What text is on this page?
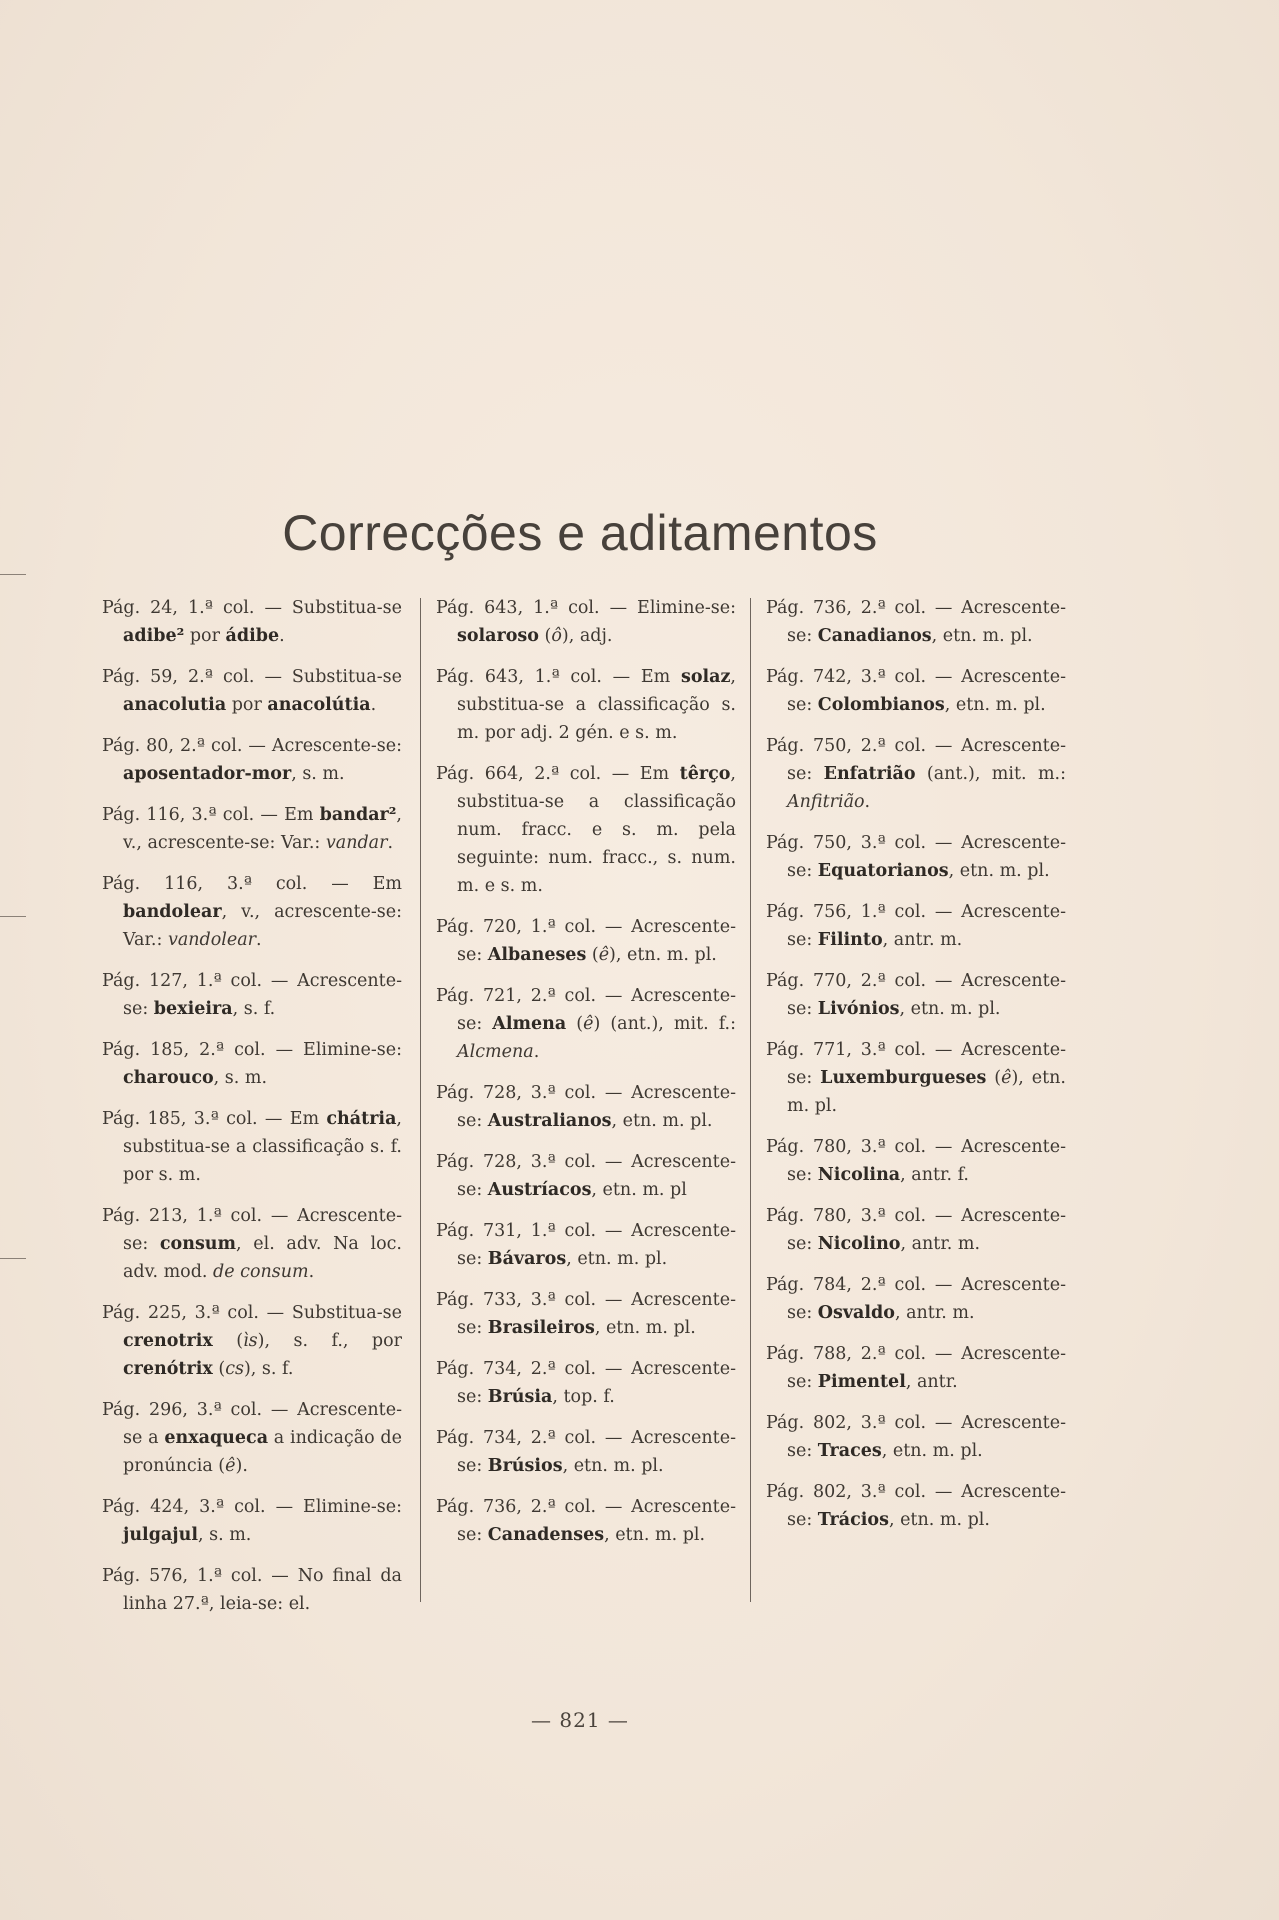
Correcções e aditamentos

Pág. 24, 1.ª col. — Substitua-se adibe² por ádibe.

Pág. 59, 2.ª col. — Substitua-se anacolutia por anacolútia.

Pág. 80, 2.ª col. — Acrescente-se: aposentador-mor, s. m.

Pág. 116, 3.ª col. — Em bandar², v., acrescente-se: Var.: vandar.

Pág. 116, 3.ª col. — Em bandolear, v., acrescente-se: Var.: vandolear.

Pág. 127, 1.ª col. — Acrescente-se: bexieira, s. f.

Pág. 185, 2.ª col. — Elimine-se: charouco, s. m.

Pág. 185, 3.ª col. — Em chátria, substitua-se a classificação s. f. por s. m.

Pág. 213, 1.ª col. — Acrescente-se: consum, el. adv. Na loc. adv. mod. de consum.

Pág. 225, 3.ª col. — Substitua-se crenotrix (ìs), s. f., por crenótrix (cs), s. f.

Pág. 296, 3.ª col. — Acrescente-se a enxaqueca a indicação de pronúncia (ê).

Pág. 424, 3.ª col. — Elimine-se: julgajul, s. m.

Pág. 576, 1.ª col. — No final da linha 27.ª, leia-se: el.

Pág. 643, 1.ª col. — Elimine-se: solaroso (ô), adj.

Pág. 643, 1.ª col. — Em solaz, substitua-se a classificação s. m. por adj. 2 gén. e s. m.

Pág. 664, 2.ª col. — Em têrço, substitua-se a classificação num. fracc. e s. m. pela seguinte: num. fracc., s. num. m. e s. m.

Pág. 720, 1.ª col. — Acrescente-se: Albaneses (ê), etn. m. pl.

Pág. 721, 2.ª col. — Acrescente-se: Almena (ê) (ant.), mit. f.: Alcmena.

Pág. 728, 3.ª col. — Acrescente-se: Australianos, etn. m. pl.

Pág. 728, 3.ª col. — Acrescente-se: Austríacos, etn. m. pl

Pág. 731, 1.ª col. — Acrescente-se: Bávaros, etn. m. pl.

Pág. 733, 3.ª col. — Acrescente-se: Brasileiros, etn. m. pl.

Pág. 734, 2.ª col. — Acrescente-se: Brúsia, top. f.

Pág. 734, 2.ª col. — Acrescente-se: Brúsios, etn. m. pl.

Pág. 736, 2.ª col. — Acrescente-se: Canadenses, etn. m. pl.

Pág. 736, 2.ª col. — Acrescente-se: Canadianos, etn. m. pl.

Pág. 742, 3.ª col. — Acrescente-se: Colombianos, etn. m. pl.

Pág. 750, 2.ª col. — Acrescente-se: Enfatrião (ant.), mit. m.: Anfitrião.

Pág. 750, 3.ª col. — Acrescente-se: Equatorianos, etn. m. pl.

Pág. 756, 1.ª col. — Acrescente-se: Filinto, antr. m.

Pág. 770, 2.ª col. — Acrescente-se: Livónios, etn. m. pl.

Pág. 771, 3.ª col. — Acrescente-se: Luxemburgueses (ê), etn. m. pl.

Pág. 780, 3.ª col. — Acrescente-se: Nicolina, antr. f.

Pág. 780, 3.ª col. — Acrescente-se: Nicolino, antr. m.

Pág. 784, 2.ª col. — Acrescente-se: Osvaldo, antr. m.

Pág. 788, 2.ª col. — Acrescente-se: Pimentel, antr.

Pág. 802, 3.ª col. — Acrescente-se: Traces, etn. m. pl.

Pág. 802, 3.ª col. — Acrescente-se: Trácios, etn. m. pl.

— 821 —
